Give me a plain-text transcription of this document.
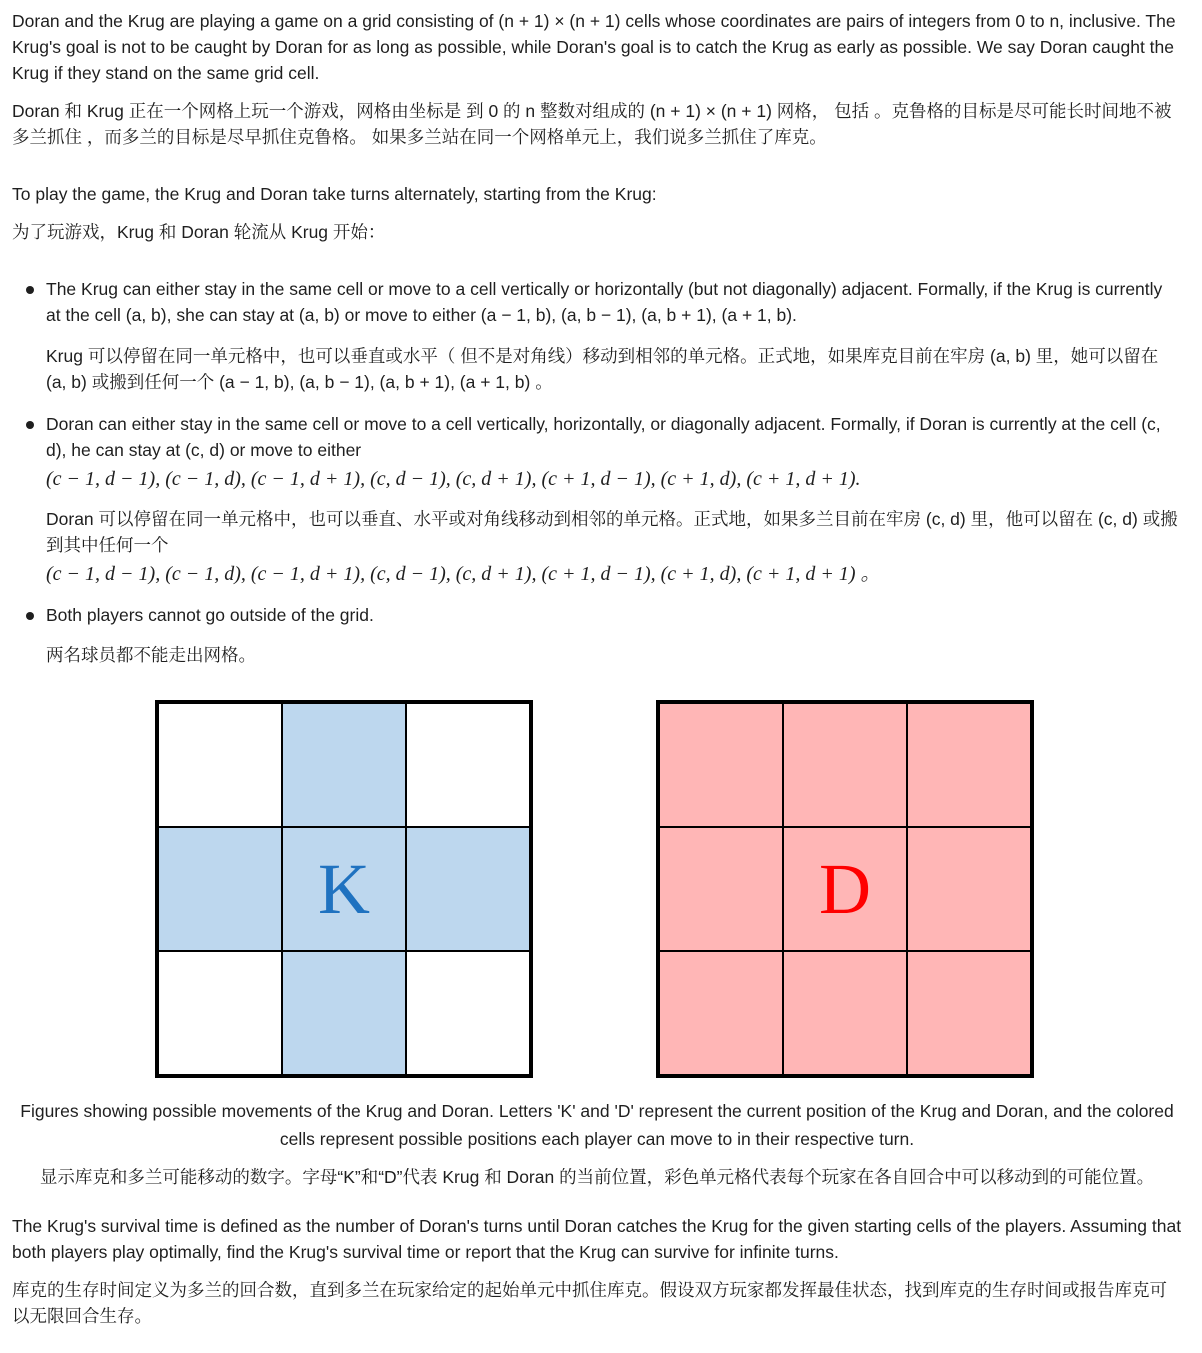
Doran and the Krug are playing a game on a grid consisting of (n + 1) × (n + 1) cells whose coordinates are pairs of integers from 0 to n, inclusive. The Krug's goal is not to be caught by Doran for as long as possible, while Doran's goal is to catch the Krug as early as possible. We say Doran caught the Krug if they stand on the same grid cell.

Doran 和 Krug 正在一个网格上玩一个游戏，网格由坐标是 到 0 的 n 整数对组成的 (n + 1) × (n + 1) 网格， 包括 。克鲁格的目标是尽可能长时间地不被多兰抓住 ，而多兰的目标是尽早抓住克鲁格。 如果多兰站在同一个网格单元上，我们说多兰抓住了库克。

To play the game, the Krug and Doran take turns alternately, starting from the Krug:

为了玩游戏，Krug 和 Doran 轮流从 Krug 开始：

The Krug can either stay in the same cell or move to a cell vertically or horizontally (but not diagonally) adjacent. Formally, if the Krug is currently at the cell (a, b), she can stay at (a, b) or move to either (a − 1, b), (a, b − 1), (a, b + 1), (a + 1, b).

Krug 可以停留在同一单元格中，也可以垂直或水平（ 但不是对角线）移动到相邻的单元格。正式地，如果库克目前在牢房 (a, b) 里，她可以留在 (a, b) 或搬到任何一个 (a − 1, b), (a, b − 1), (a, b + 1), (a + 1, b) 。

Doran can either stay in the same cell or move to a cell vertically, horizontally, or diagonally adjacent. Formally, if Doran is currently at the cell (c, d), he can stay at (c, d) or move to either

(c − 1, d − 1), (c − 1, d), (c − 1, d + 1), (c, d − 1), (c, d + 1), (c + 1, d − 1), (c + 1, d), (c + 1, d + 1).

Doran 可以停留在同一单元格中，也可以垂直、水平或对角线移动到相邻的单元格。正式地，如果多兰目前在牢房 (c, d) 里，他可以留在 (c, d) 或搬到其中任何一个

(c − 1, d − 1), (c − 1, d), (c − 1, d + 1), (c, d − 1), (c, d + 1), (c + 1, d − 1), (c + 1, d), (c + 1, d + 1) 。

Both players cannot go outside of the grid.

两名球员都不能走出网格。

K	D

Figures showing possible movements of the Krug and Doran. Letters 'K' and 'D' represent the current position of the Krug and Doran, and the colored cells represent possible positions each player can move to in their respective turn.

显示库克和多兰可能移动的数字。字母“K”和“D”代表 Krug 和 Doran 的当前位置，彩色单元格代表每个玩家在各自回合中可以移动到的可能位置。

The Krug's survival time is defined as the number of Doran's turns until Doran catches the Krug for the given starting cells of the players. Assuming that both players play optimally, find the Krug's survival time or report that the Krug can survive for infinite turns.

库克的生存时间定义为多兰的回合数，直到多兰在玩家给定的起始单元中抓住库克。假设双方玩家都发挥最佳状态，找到库克的生存时间或报告库克可以无限回合生存。
